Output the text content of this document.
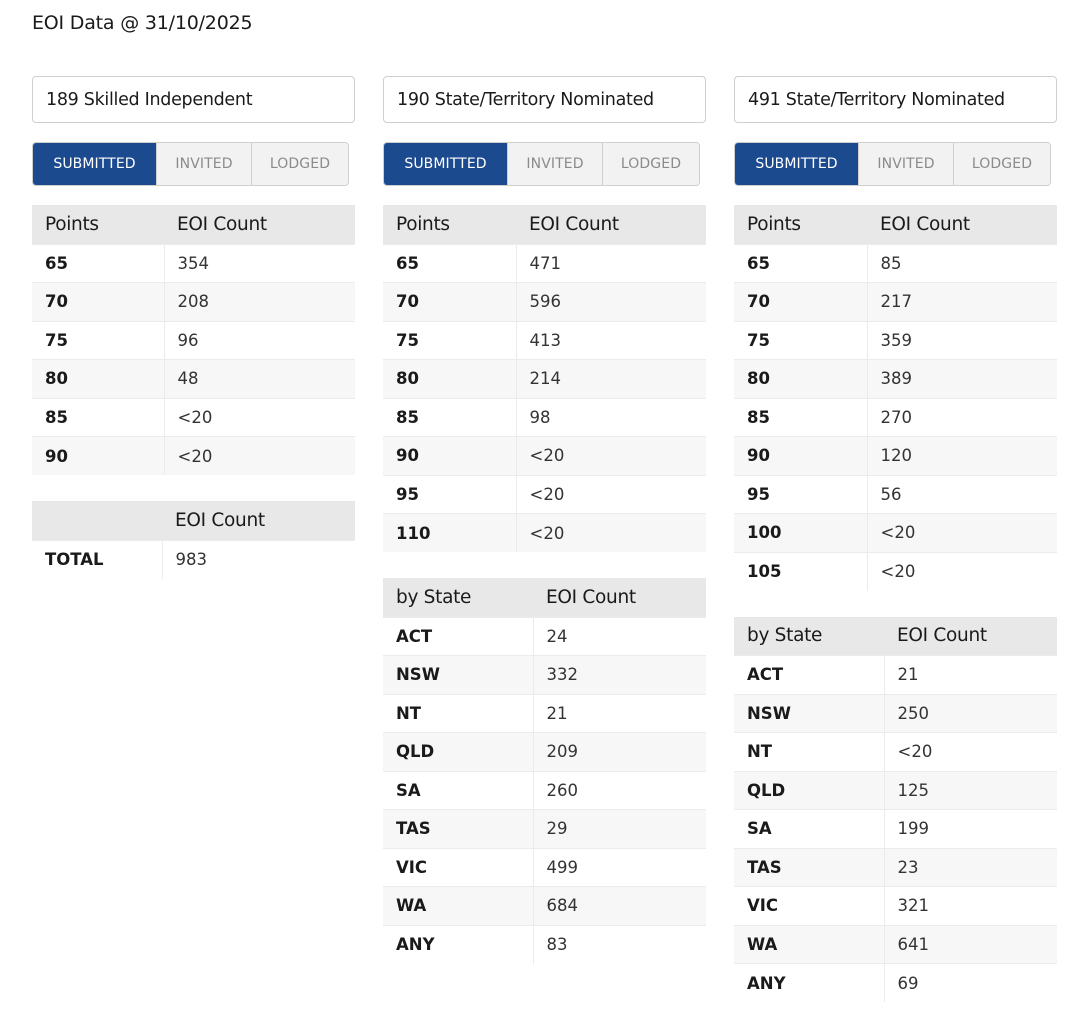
EOI Data @ 31/10/2025
189 Skilled Independent
SUBMITTED	INVITED	LODGED
Points	EOI Count
65	354
70	208
75	96
80	48
85	<20
90	<20
	EOI Count
TOTAL	983
190 State/Territory Nominated
SUBMITTED	INVITED	LODGED
Points	EOI Count
65	471
70	596
75	413
80	214
85	98
90	<20
95	<20
110	<20
by State	EOI Count
ACT	24
NSW	332
NT	21
QLD	209
SA	260
TAS	29
VIC	499
WA	684
ANY	83
491 State/Territory Nominated
SUBMITTED	INVITED	LODGED
Points	EOI Count
65	85
70	217
75	359
80	389
85	270
90	120
95	56
100	<20
105	<20
by State	EOI Count
ACT	21
NSW	250
NT	<20
QLD	125
SA	199
TAS	23
VIC	321
WA	641
ANY	69
